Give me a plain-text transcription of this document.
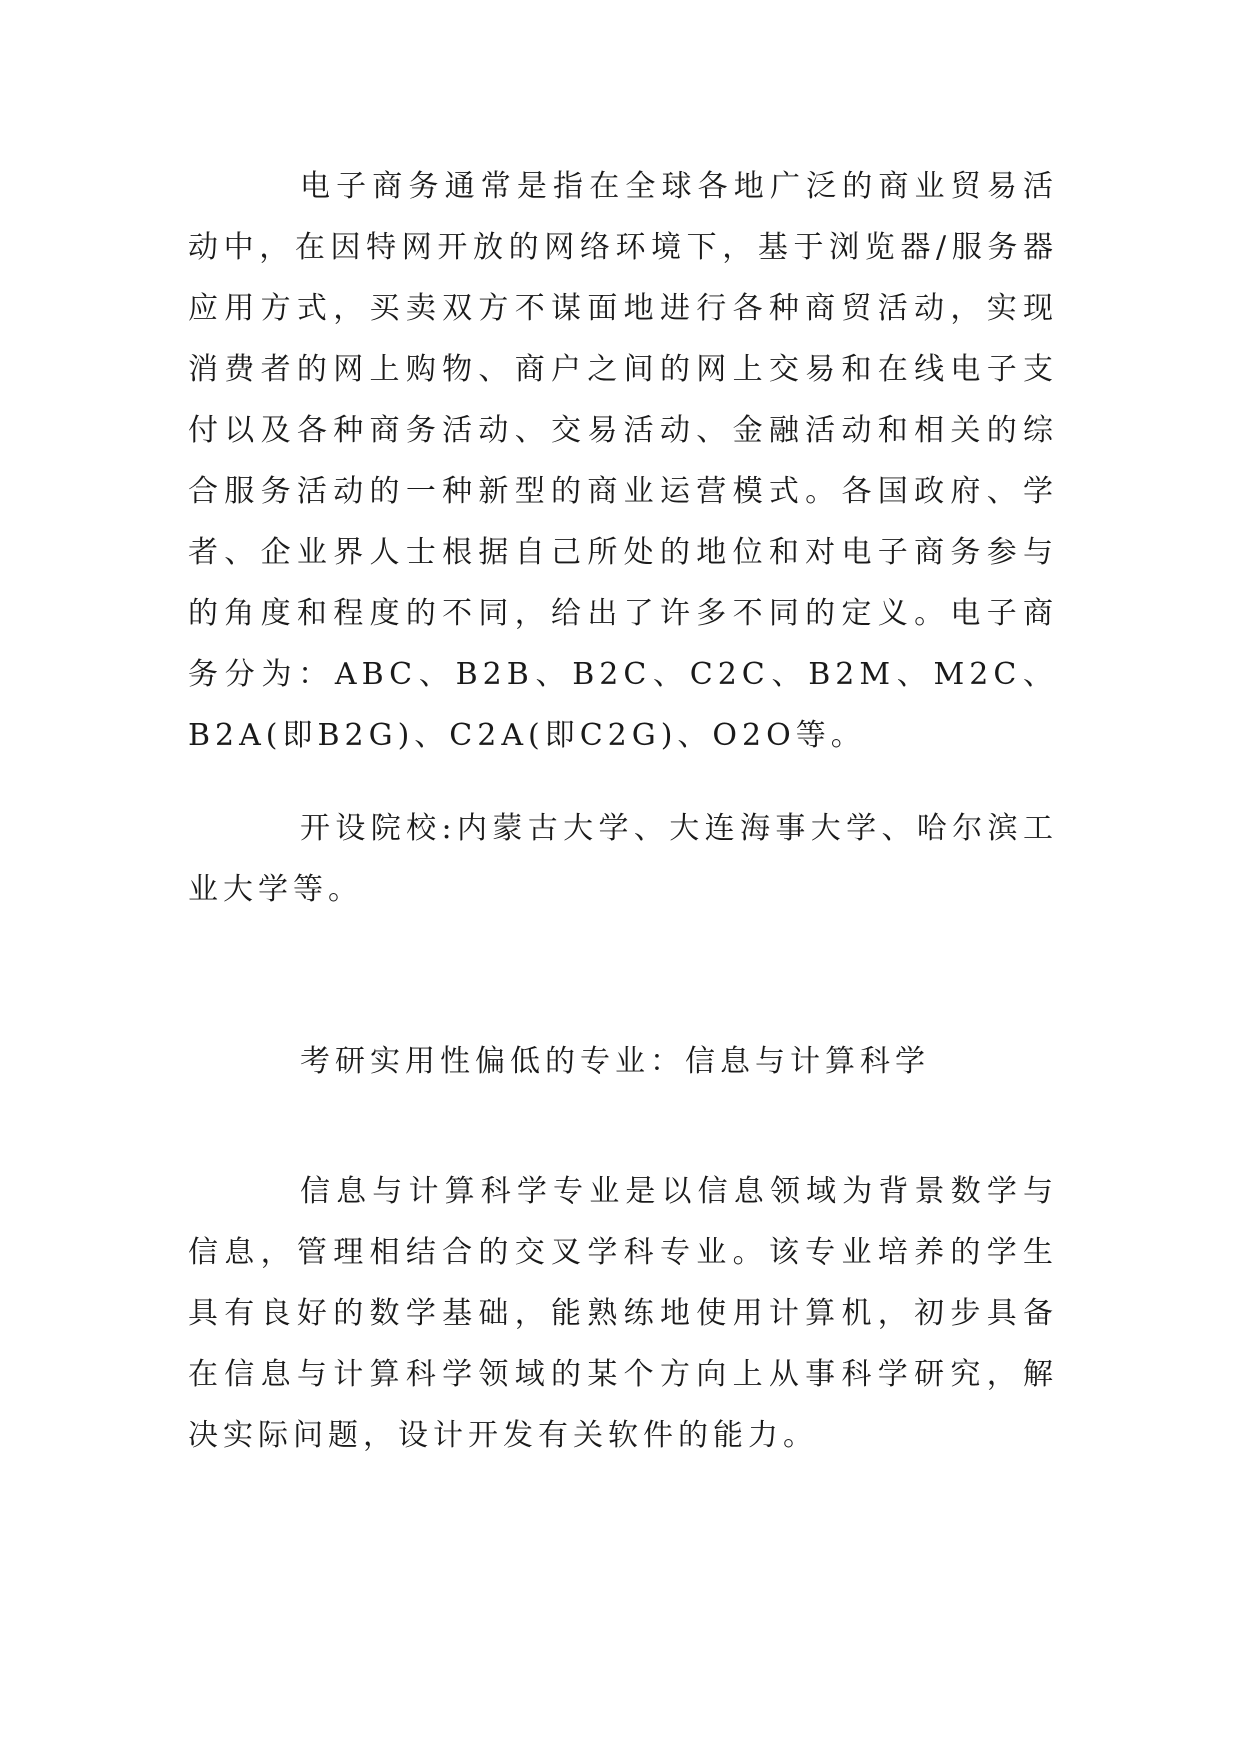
电子商务通常是指在全球各地广泛的商业贸易活动中，在因特网开放的网络环境下，基于浏览器/服务器应用方式，买卖双方不谋面地进行各种商贸活动，实现消费者的网上购物、商户之间的网上交易和在线电子支付以及各种商务活动、交易活动、金融活动和相关的综合服务活动的一种新型的商业运营模式。各国政府、学者、企业界人士根据自己所处的地位和对电子商务参与的角度和程度的不同，给出了许多不同的定义。电子商务分为：ABC、B2B、B2C、C2C、B2M、M2C、B2A(即B2G)、C2A(即C2G)、O2O等。

开设院校:内蒙古大学、大连海事大学、哈尔滨工业大学等。

考研实用性偏低的专业：信息与计算科学

信息与计算科学专业是以信息领域为背景数学与信息，管理相结合的交叉学科专业。该专业培养的学生具有良好的数学基础，能熟练地使用计算机，初步具备在信息与计算科学领域的某个方向上从事科学研究，解决实际问题，设计开发有关软件的能力。
